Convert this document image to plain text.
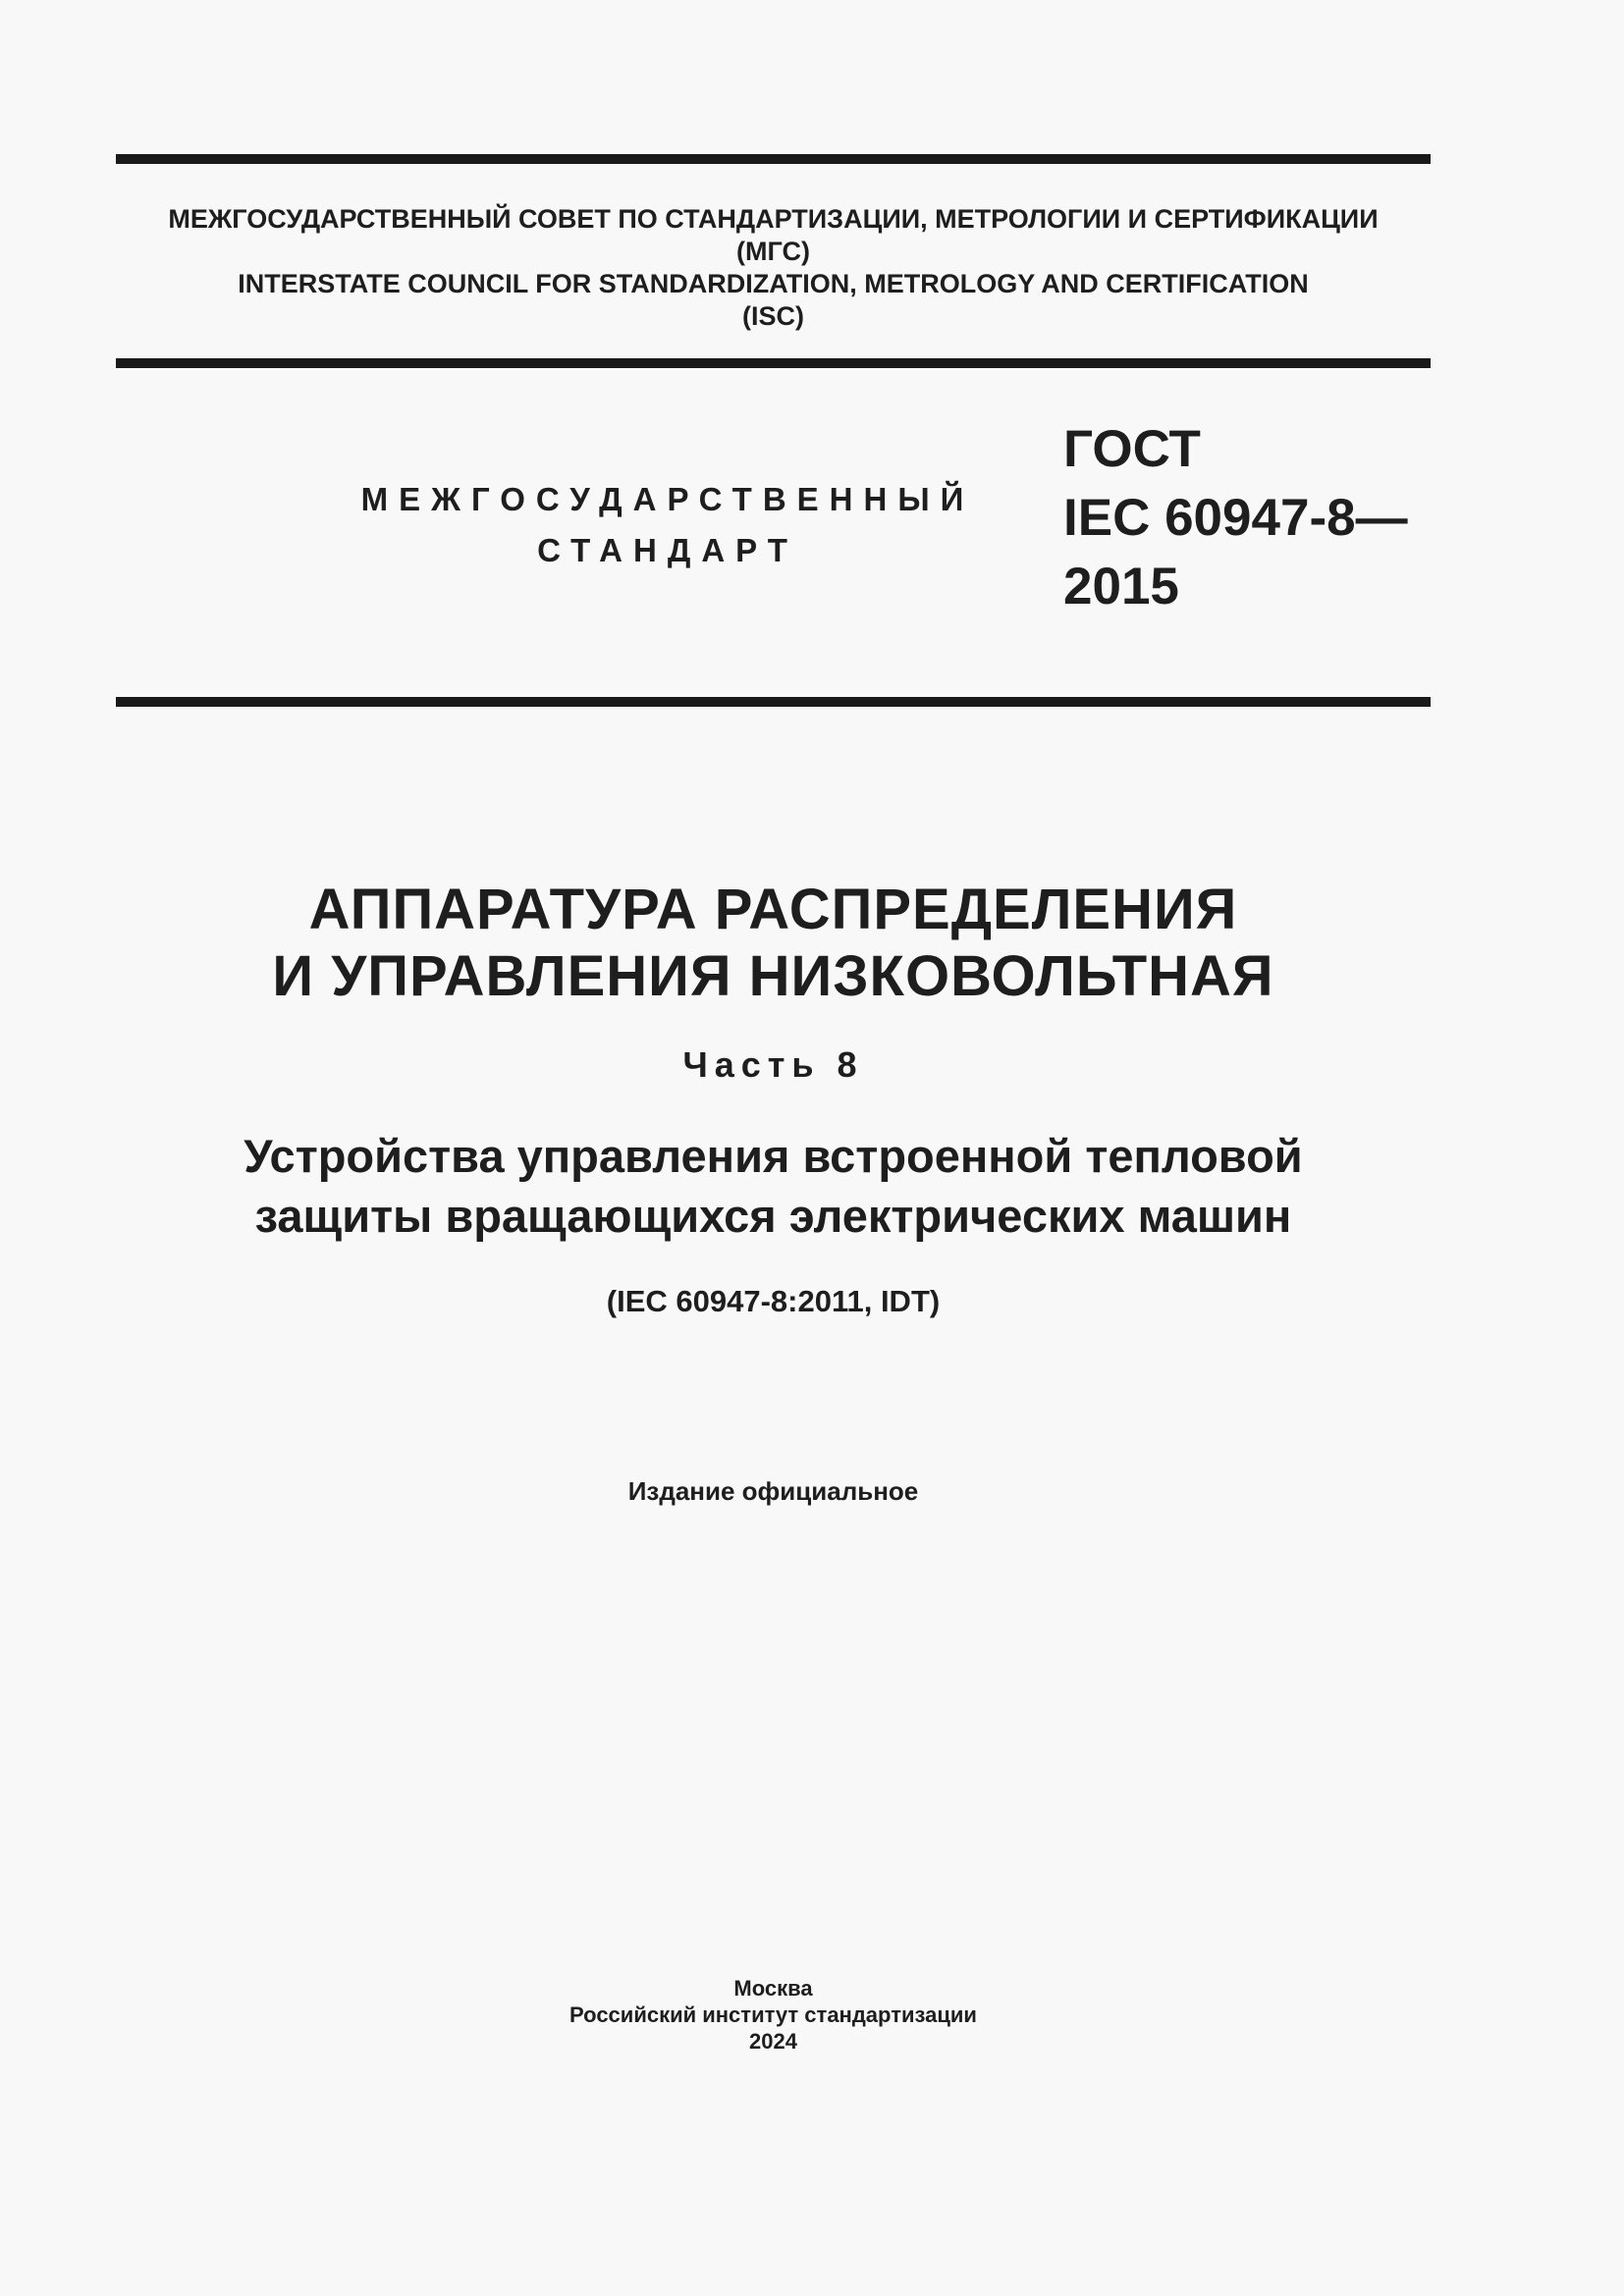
МЕЖГОСУДАРСТВЕННЫЙ СОВЕТ ПО СТАНДАРТИЗАЦИИ, МЕТРОЛОГИИ И СЕРТИФИКАЦИИ
(МГС)
INTERSTATE COUNCIL FOR STANDARDIZATION, METROLOGY AND CERTIFICATION
(ISC)
МЕЖГОСУДАРСТВЕННЫЙ
СТАНДАРТ
ГОСТ
IEC 60947-8—
2015
АППАРАТУРА РАСПРЕДЕЛЕНИЯ
И УПРАВЛЕНИЯ НИЗКОВОЛЬТНАЯ
Часть 8
Устройства управления встроенной тепловой
защиты вращающихся электрических машин
(IEC 60947-8:2011, IDT)
Издание официальное
Москва
Российский институт стандартизации
2024
